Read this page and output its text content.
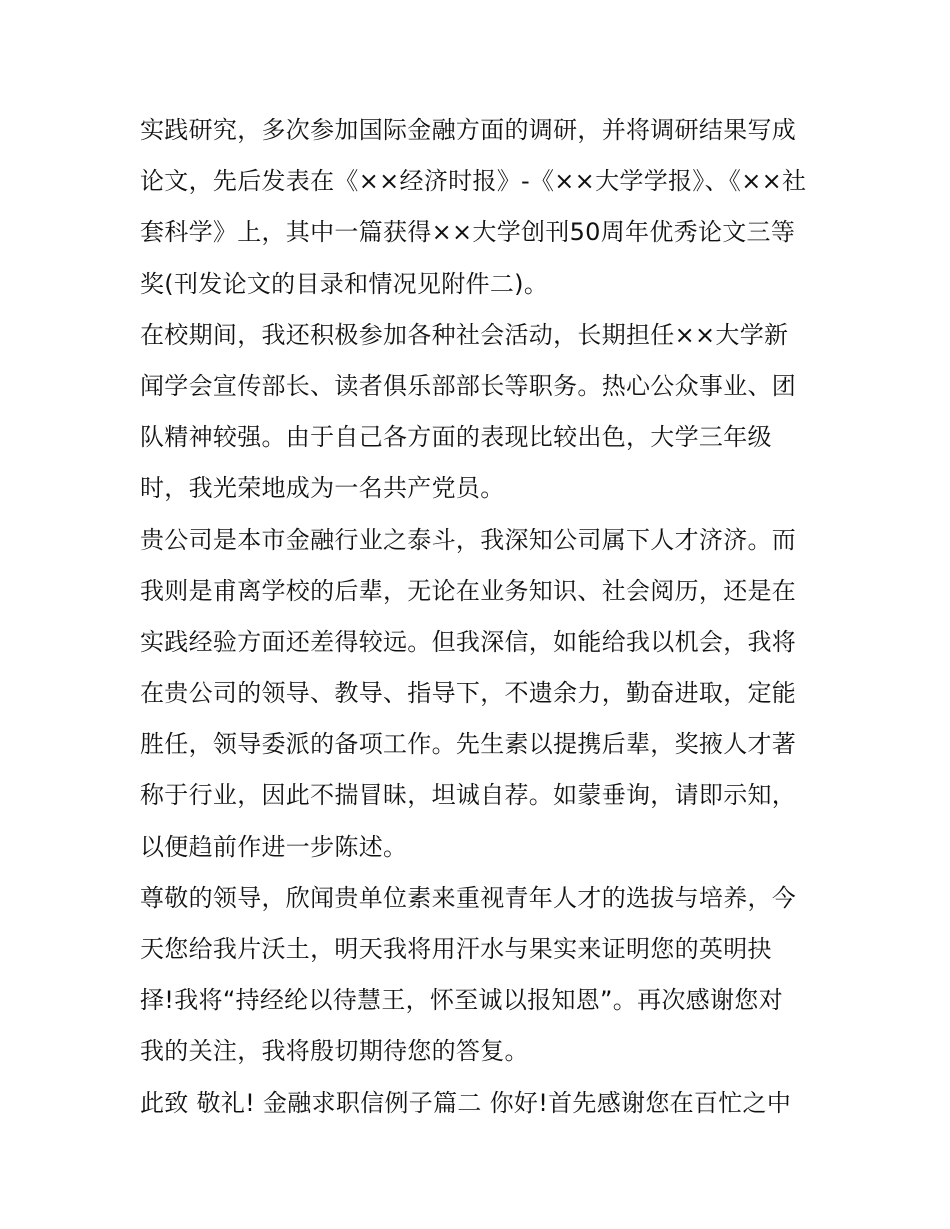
实践研究，多次参加国际金融方面的调研，并将调研结果写成
论文，先后发表在《××经济时报》-《××大学学报》、《××社
套科学》上，其中一篇获得××大学创刊50周年优秀论文三等
奖(刊发论文的目录和情况见附件二)。
在校期间，我还积极参加各种社会活动，长期担任××大学新
闻学会宣传部长、读者俱乐部部长等职务。热心公众事业、团
队精神较强。由于自己各方面的表现比较出色，大学三年级
时，我光荣地成为一名共产党员。
贵公司是本市金融行业之泰斗，我深知公司属下人才济济。而
我则是甫离学校的后辈，无论在业务知识、社会阅历，还是在
实践经验方面还差得较远。但我深信，如能给我以机会，我将
在贵公司的领导、教导、指导下，不遗余力，勤奋进取，定能
胜任，领导委派的备项工作。先生素以提携后辈，奖掖人才著
称于行业，因此不揣冒昧，坦诚自荐。如蒙垂询，请即示知，
以便趋前作进一步陈述。
尊敬的领导，欣闻贵单位素来重视青年人才的选拔与培养，今
天您给我片沃土，明天我将用汗水与果实来证明您的英明抉
择!我将“持经纶以待慧王，怀至诚以报知恩”。再次感谢您对
我的关注，我将殷切期待您的答复。
此致 敬礼! 金融求职信例子篇二 你好!首先感谢您在百忙之中
